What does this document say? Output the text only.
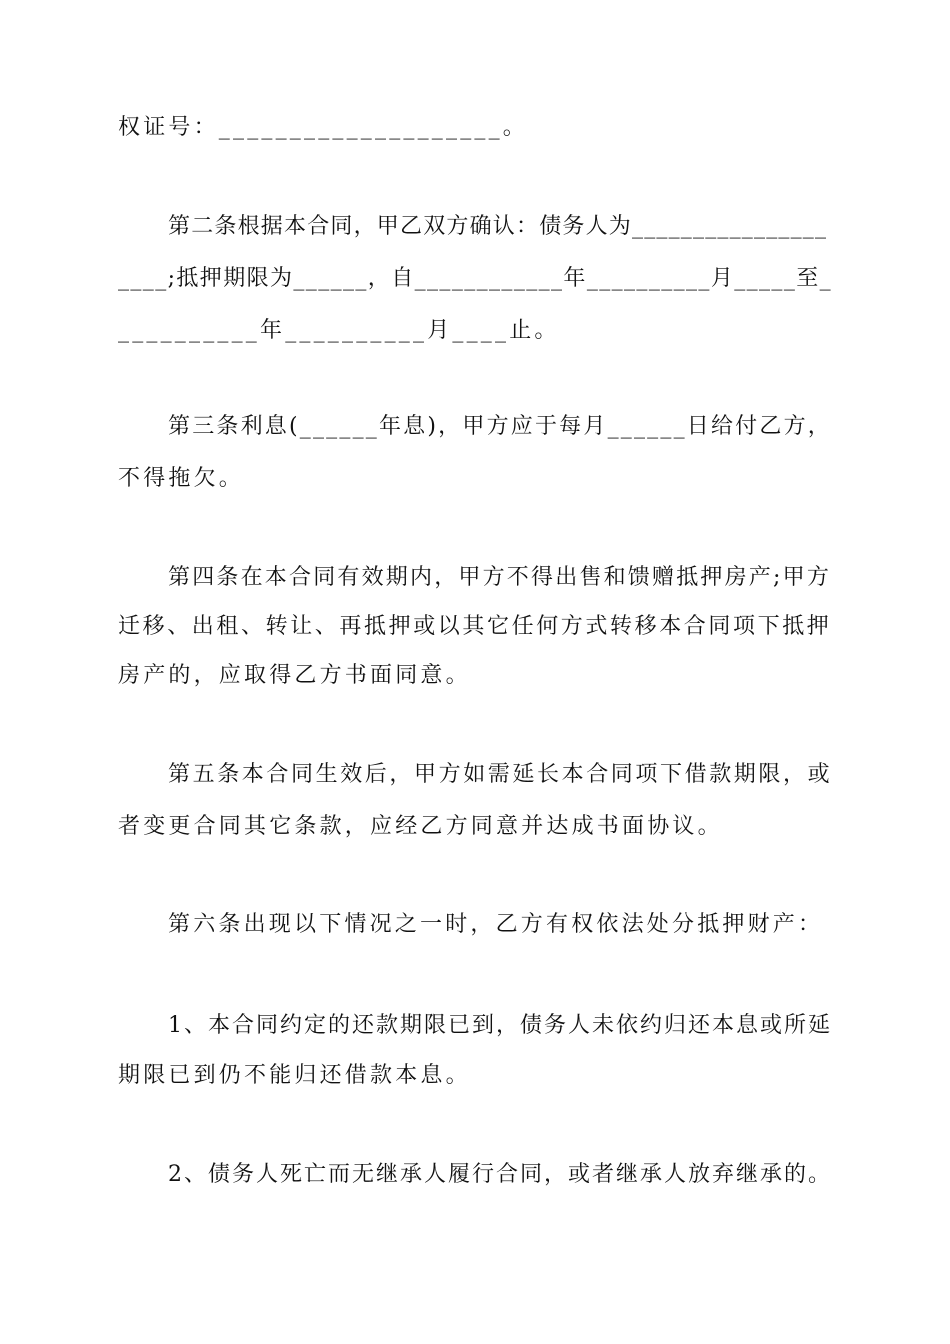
权证号：____________________。

第二条根据本合同，甲乙双方确认：债务人为________________

____;抵押期限为______，自____________年__________月_____至_

__________年__________月____止。

第三条利息(______年息)，甲方应于每月______日给付乙方，

不得拖欠。

第四条在本合同有效期内，甲方不得出售和馈赠抵押房产;甲方

迁移、出租、转让、再抵押或以其它任何方式转移本合同项下抵押

房产的，应取得乙方书面同意。

第五条本合同生效后，甲方如需延长本合同项下借款期限，或

者变更合同其它条款，应经乙方同意并达成书面协议。

第六条出现以下情况之一时，乙方有权依法处分抵押财产：

1、本合同约定的还款期限已到，债务人未依约归还本息或所延

期限已到仍不能归还借款本息。

2、债务人死亡而无继承人履行合同，或者继承人放弃继承的。
